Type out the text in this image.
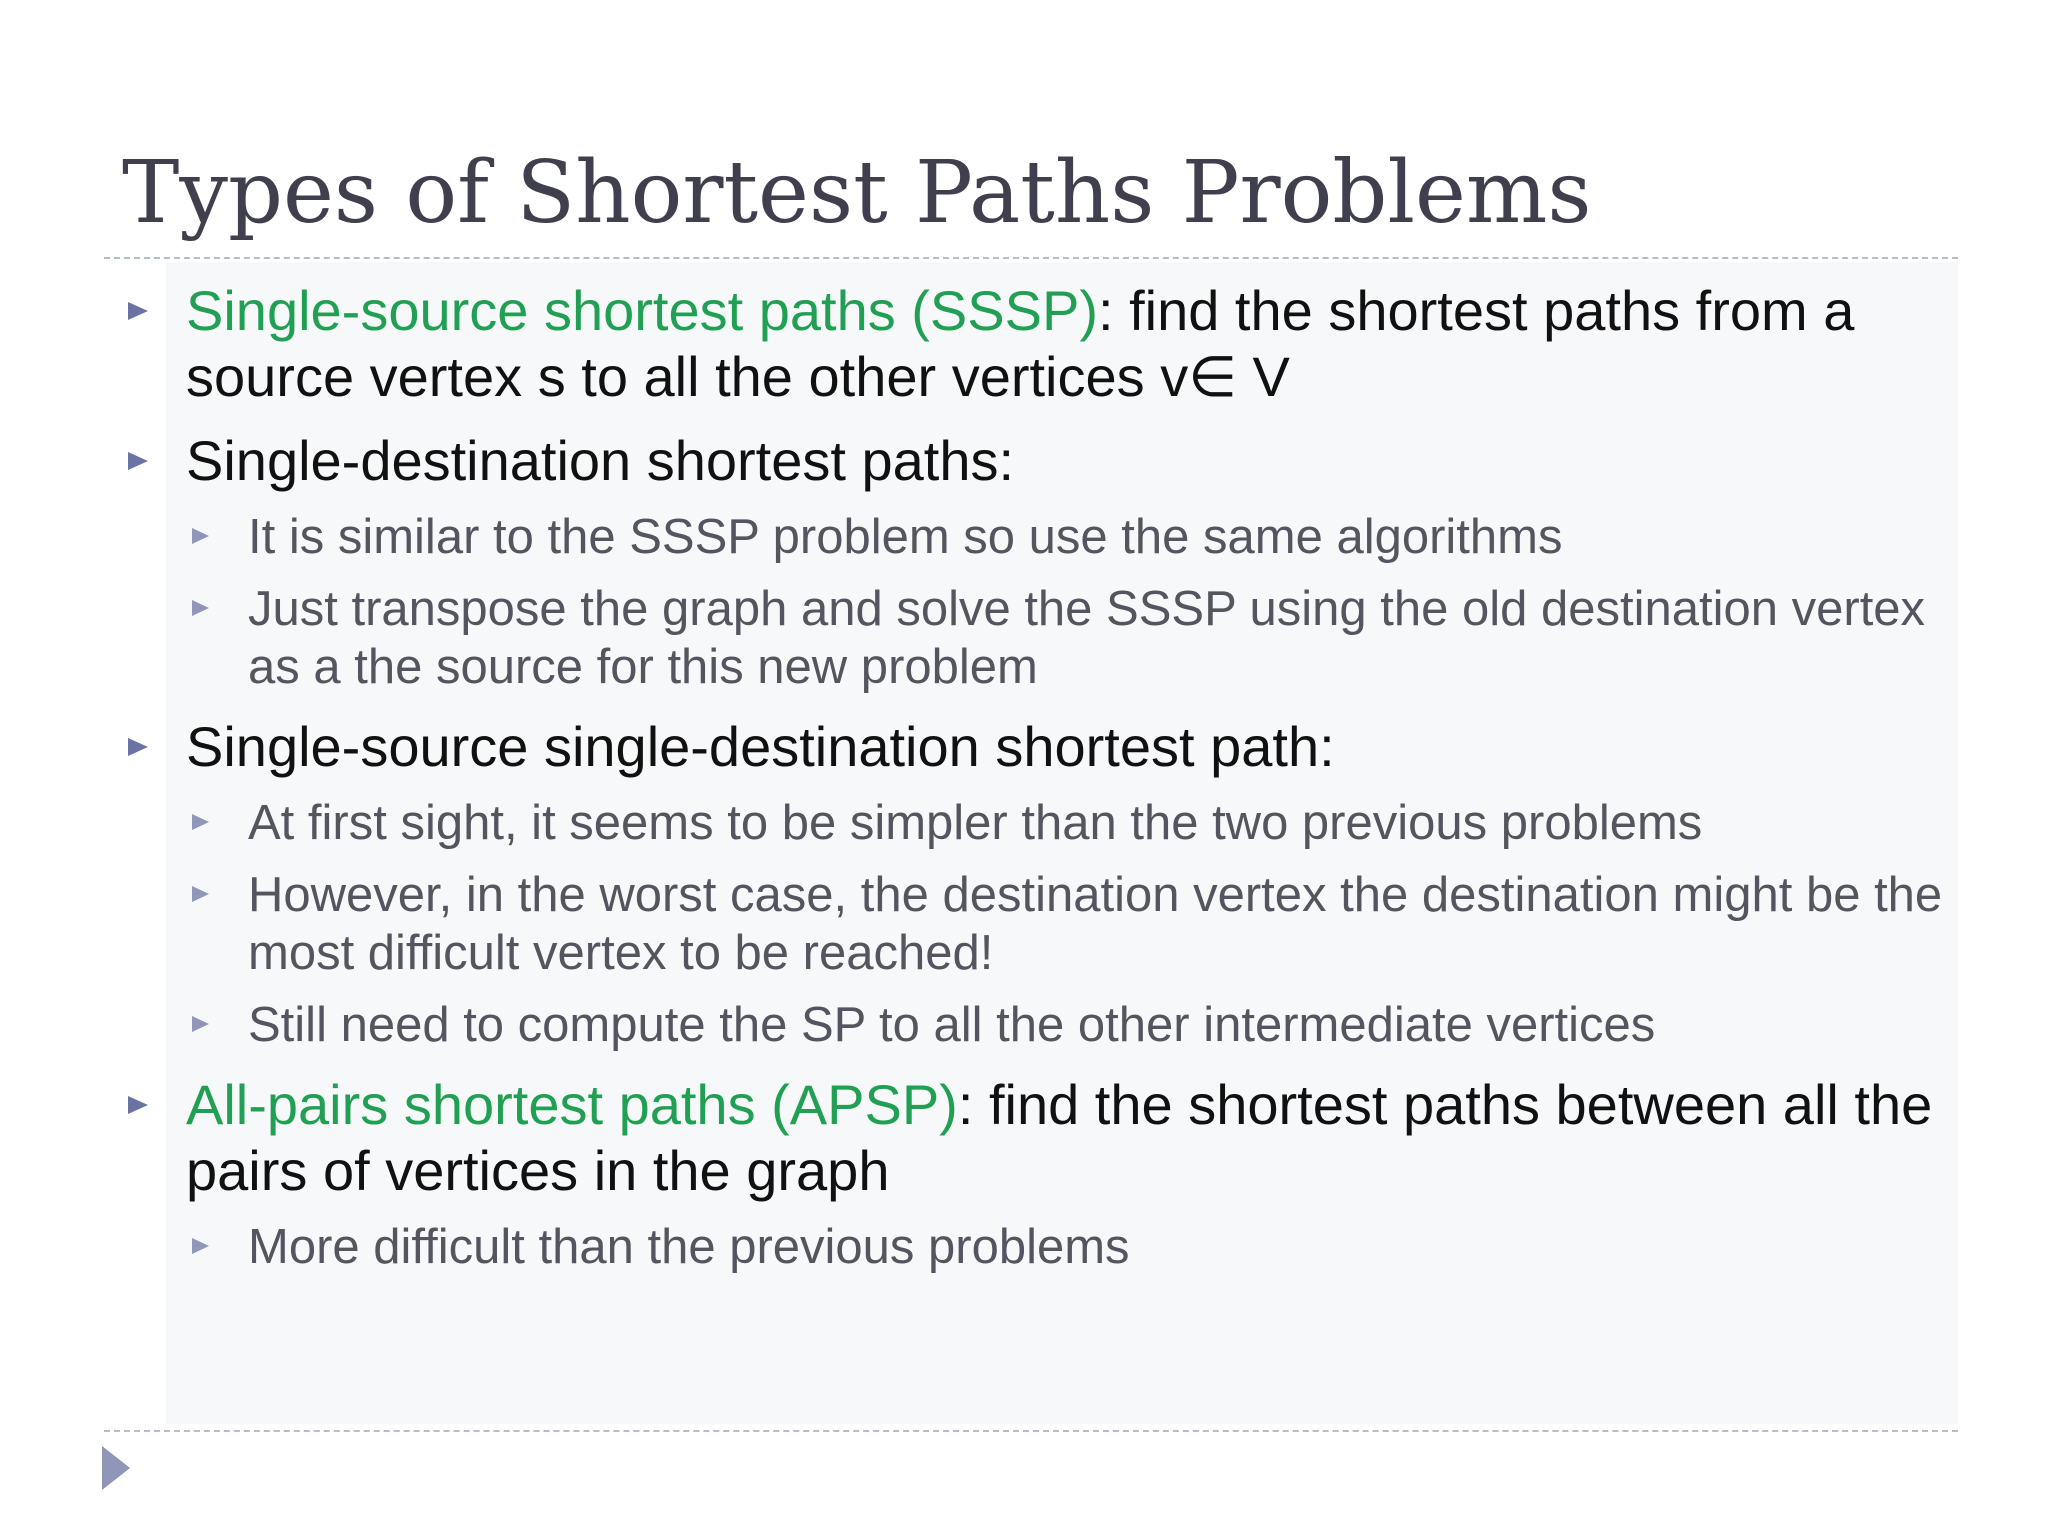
Types of Shortest Paths Problems
Single-source shortest paths (SSSP): find the shortest paths from a source vertex s to all the other vertices v∈ V
Single-destination shortest paths:
It is similar to the SSSP problem so use the same algorithms
Just transpose the graph and solve the SSSP using the old destination vertex as a the source for this new problem
Single-source single-destination shortest path:
At first sight, it seems to be simpler than the two previous problems
However, in the worst case, the destination vertex the destination might be the most difficult vertex to be reached!
Still need to compute the SP to all the other intermediate vertices
All-pairs shortest paths (APSP): find the shortest paths between all the pairs of vertices in the graph
More difficult than the previous problems
